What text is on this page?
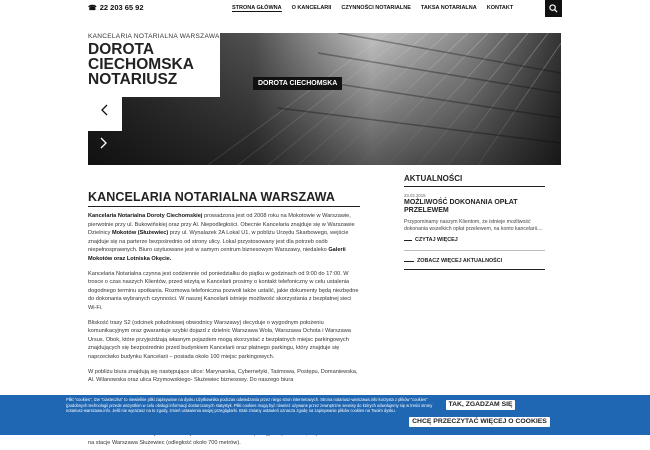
☎ 22 203 65 92	STRONA GŁÓWNA O KANCELARII CZYNNOŚCI NOTARIALNE TAKSA NOTARIALNA KONTAKT
KANCELARIA NOTARIALNA WARSZAWA
DOROTA
CIECHOMSKA
NOTARIUSZ	DOROTA CIECHOMSKA
KANCELARIA NOTARIALNA WARSZAWA

Kancelaria Notarialna Doroty Ciechomskiej prowadzona jest od 2008 roku na Mokotowie w Warszawie, pierwotnie przy ul. Bukowińskiej oraz przy Al. Niepodległości. Obecnie Kancelaria znajduje się w Warszawie Dzielnicy Mokotów (Służewiec) przy ul. Wynalazek 2A Lokal U1, w pobliżu Urzędu Skarbowego, wejście znajduje się na parterze bezpośrednio od strony ulicy. Lokal przystosowany jest dla potrzeb osób niepełnosprawnych. Biuro usytuowane jest w samym centrum biznesowym Warszawy, niedaleko Galerii Mokotów oraz Lotniska Okęcie.

Kancelaria Notarialna czynna jest codziennie od poniedziałku do piątku w godzinach od 9:00 do 17:00. W trosce o czas naszych Klientów, przed wizytą w Kancelarii prosimy o kontakt telefoniczny w celu ustalenia dogodnego terminu spotkania. Rozmowa telefoniczna pozwoli także ustalić, jakie dokumenty będą niezbędne do dokonania wybranych czynności. W naszej Kancelarii istnieje możliwość skorzystania z bezpłatnej sieci Wi-Fi.

Bliskość trasy S2 (odcinek południowej obwodnicy Warszawy) decyduje o wygodnym położeniu komunikacyjnym oraz gwarantuje szybki dojazd z dzielnic Warszawa Wola, Warszawa Ochota i Warszawa Ursus. Obok, które przyjeżdżają własnym pojazdem mogą skorzystać z bezpłatnych miejsc parkingowych znajdujących się bezpośrednio przed budynkiem Kancelarii oraz płatnego parkingu, który znajduje się naprzeciwko budynku Kancelarii – posiada około 100 miejsc parkingowych.

W pobliżu biura znajdują się następujące ulice: Marynarska, Cybernetyki, Taśmowa, Postępu, Domaniewska, Al. Wilanowska oraz ulica Rzymowskiego- Służewiec biznesowy. Do naszego biura

na stacje Warszawa Służewiec (odległość około 700 metrów).
AKTUALNOŚCI
23.02.2015
MOŻLIWOŚĆ DOKONANIA OPŁAT PRZELEWEM
Przypominamy naszym Klientom, że istnieje możliwość dokonania wszelkich opłat przelewem, na konto kancelarii....
CZYTAJ WIĘCEJ
ZOBACZ WIĘCEJ AKTUALNOŚCI
Pliki "cookies", tzw "ciasteczka" to niewielkie pliki zapisywane na dysku Użytkownika podczas odwiedzania przez niego stron internetowych. Strona notariusz-warszawa.info korzysta z plików "cookies" (podobnych technologii przede wszystkim w celu obsługi informacji dostarczanych statystyk. Pliki cookies mogą być również używane przez zewnętrzne serwisy do których odwołujemy się w treści strony notariusz-warszawa.info. Jeśli nie wyrażasz na to zgody, zmień ustawienia swojej przeglądarki. Brak zmiany ustawień oznacza zgodę na zapisywanie plików cookies na Twoim dysku.
TAK, ZGADZAM SIĘ
CHCĘ PRZECZYTAĆ WIĘCEJ O COOKIES
